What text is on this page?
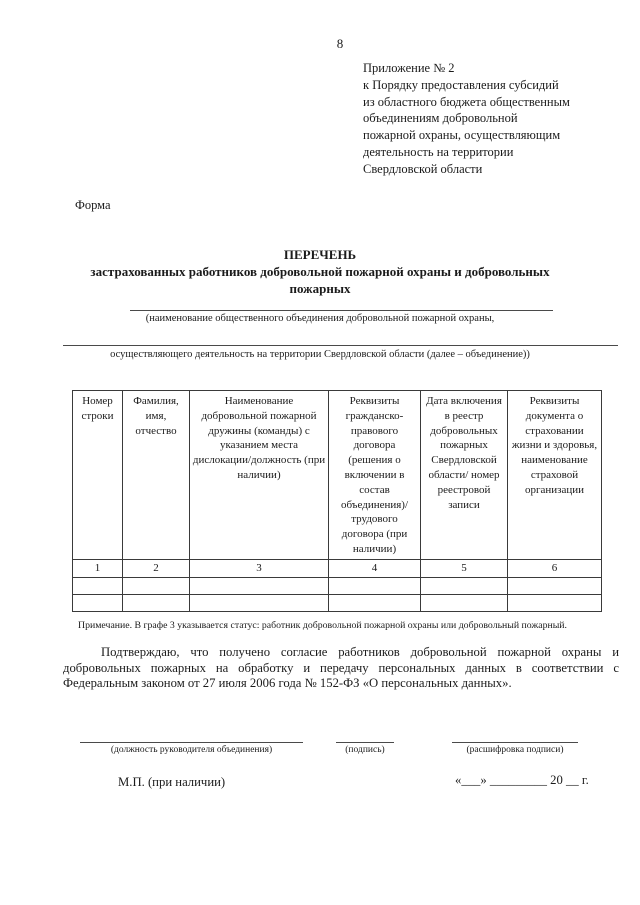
8
Приложение № 2
к Порядку предоставления субсидий
из областного бюджета общественным
объединениям добровольной
пожарной охраны, осуществляющим
деятельность на территории
Свердловской области
Форма
ПЕРЕЧЕНЬ
застрахованных работников добровольной пожарной охраны и добровольных
пожарных
(наименование общественного объединения добровольной пожарной охраны,
осуществляющего деятельность на территории Свердловской области (далее – объединение))
Номер строки	Фамилия, имя, отчество	Наименование добровольной пожарной дружины (команды) с указанием места дислокации/должность (при наличии)	Реквизиты гражданско-правового договора (решения о включении в состав объединения)/ трудового договора (при наличии)	Дата включения в реестр добровольных пожарных Свердловской области/ номер реестровой записи	Реквизиты документа о страховании жизни и здоровья, наименование страховой организации
1	2	3	4	5	6

Примечание. В графе 3 указывается статус: работник добровольной пожарной охраны или добровольный пожарный.
Подтверждаю, что получено согласие работников добровольной пожарной охраны и добровольных пожарных на обработку и передачу персональных данных в соответствии с Федеральным законом от 27 июля 2006 года № 152-ФЗ «О персональных данных».
(должность руководителя объединения)	(подпись)	(расшифровка подписи)
М.П. (при наличии)	«___» _________ 20 __ г.
